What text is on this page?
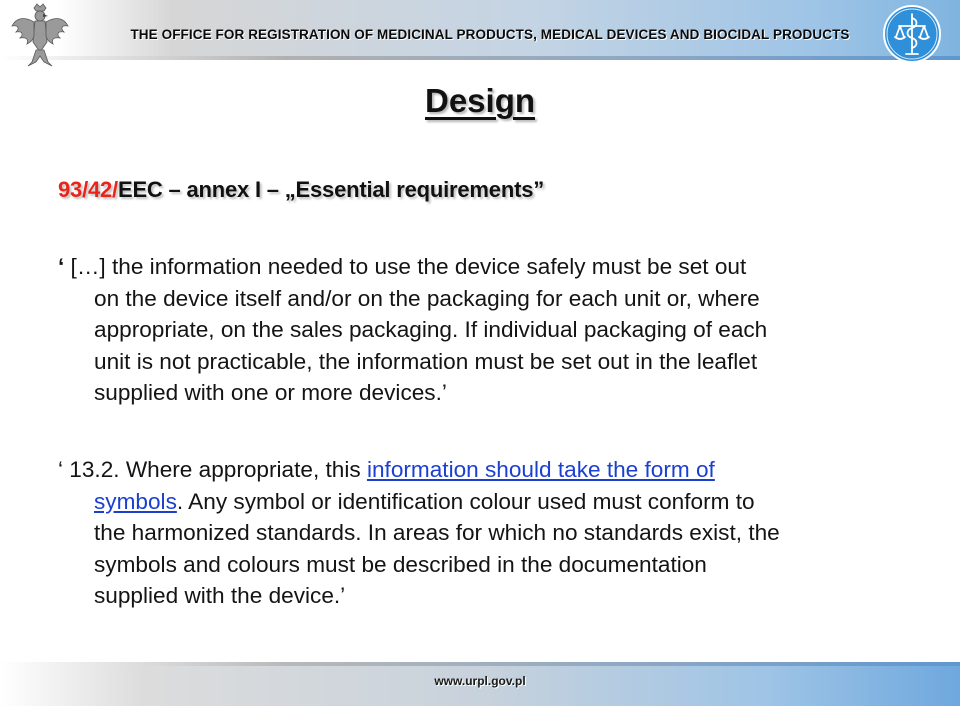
THE OFFICE FOR REGISTRATION OF MEDICINAL PRODUCTS, MEDICAL DEVICES AND BIOCIDAL PRODUCTS
Design
93/42/EEC – annex I – „Essential requirements”
‘ […] the information needed to use the device safely must be set out
on the device itself and/or on the packaging for each unit or, where
appropriate, on the sales packaging. If individual packaging of each
unit is not practicable, the information must be set out in the leaflet
supplied with one or more devices.’
‘ 13.2. Where appropriate, this information should take the form of
symbols. Any symbol or identification colour used must conform to
the harmonized standards. In areas for which no standards exist, the
symbols and colours must be described in the documentation
supplied with the device.’
www.urpl.gov.pl
